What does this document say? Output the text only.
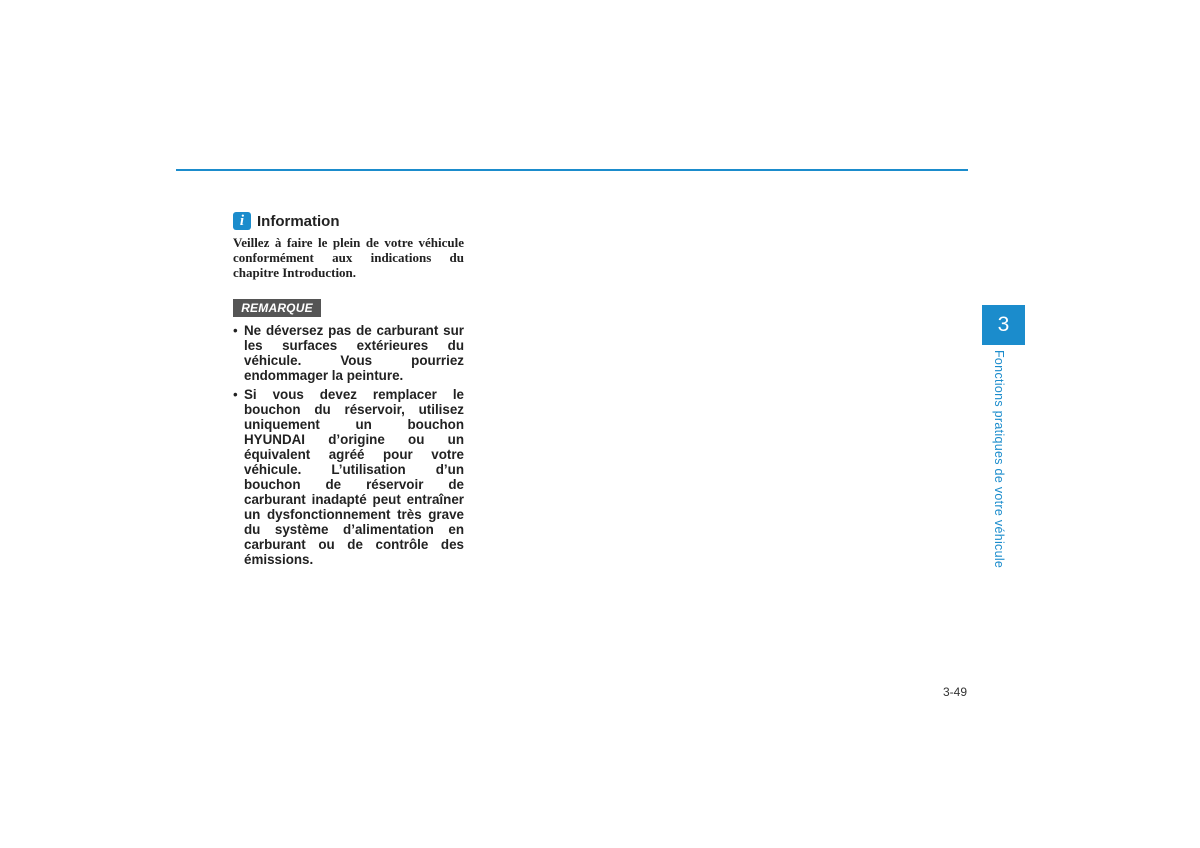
i Information

Veillez à faire le plein de votre véhicule conformément aux indications du chapitre Introduction.

REMARQUE
• Ne déversez pas de carburant sur les surfaces extérieures du véhicule. Vous pourriez endommager la peinture.
• Si vous devez remplacer le bouchon du réservoir, utilisez uniquement un bouchon HYUNDAI d’origine ou un équivalent agréé pour votre véhicule. L’utilisation d’un bouchon de réservoir de carburant inadapté peut entraîner un dysfonctionnement très grave du système d’alimentation en carburant ou de contrôle des émissions.
3
Fonctions pratiques de votre véhicule
3-49
